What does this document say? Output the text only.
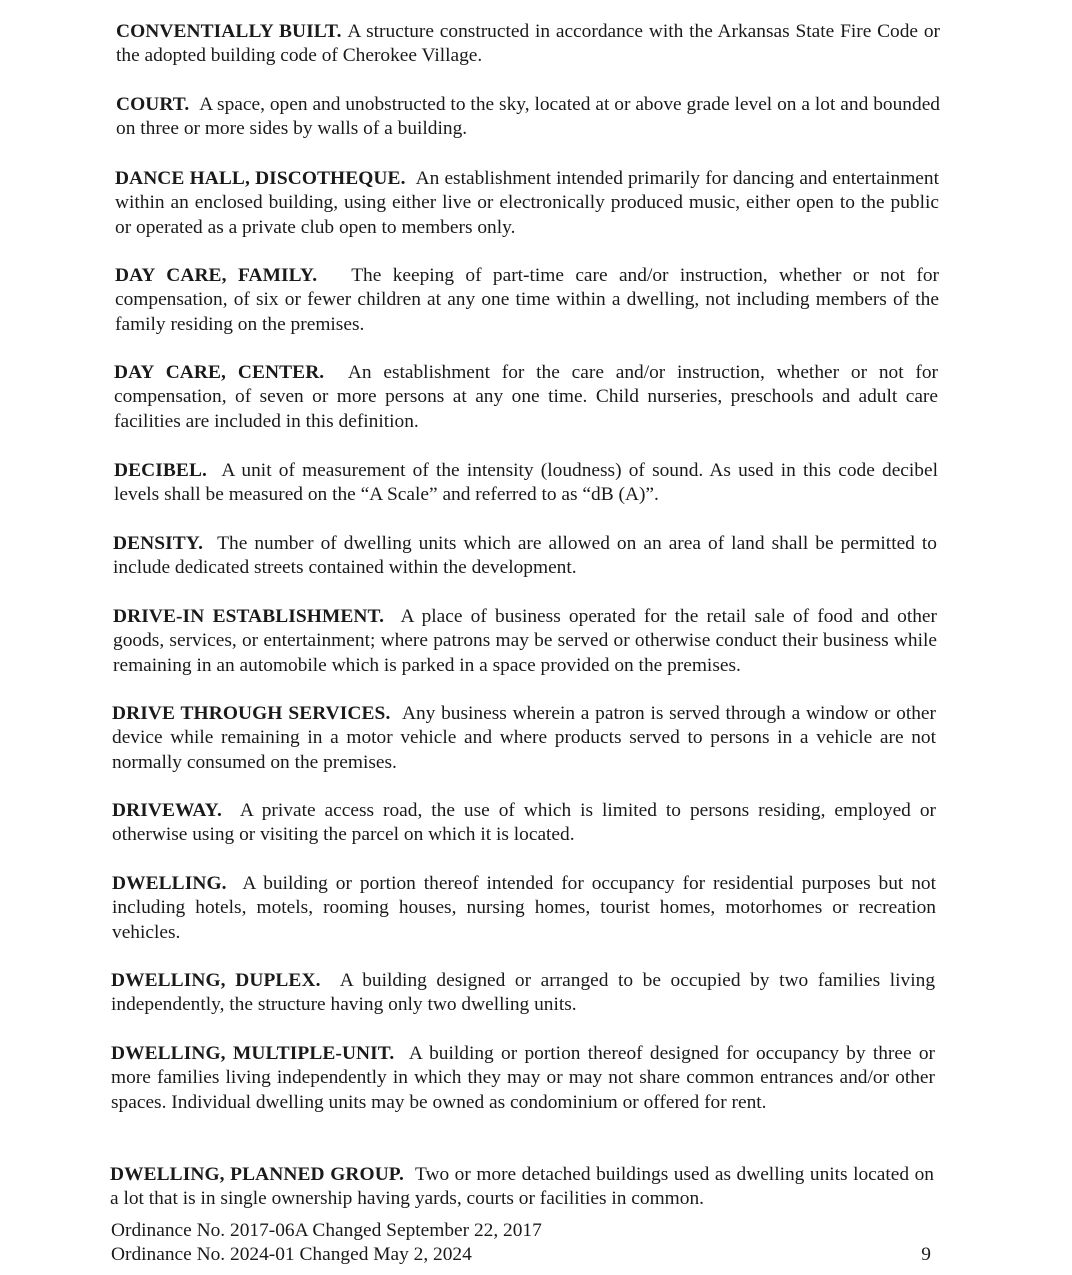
CONVENTIALLY BUILT. A structure constructed in accordance with the Arkansas State Fire Code or the adopted building code of Cherokee Village.

COURT. A space, open and unobstructed to the sky, located at or above grade level on a lot and bounded on three or more sides by walls of a building.

DANCE HALL, DISCOTHEQUE. An establishment intended primarily for dancing and entertainment within an enclosed building, using either live or electronically produced music, either open to the public or operated as a private club open to members only.

DAY CARE, FAMILY. The keeping of part-time care and/or instruction, whether or not for compensation, of six or fewer children at any one time within a dwelling, not including members of the family residing on the premises.

DAY CARE, CENTER. An establishment for the care and/or instruction, whether or not for compensation, of seven or more persons at any one time. Child nurseries, preschools and adult care facilities are included in this definition.

DECIBEL. A unit of measurement of the intensity (loudness) of sound. As used in this code decibel levels shall be measured on the “A Scale” and referred to as “dB (A)”.

DENSITY. The number of dwelling units which are allowed on an area of land shall be permitted to include dedicated streets contained within the development.

DRIVE-IN ESTABLISHMENT. A place of business operated for the retail sale of food and other goods, services, or entertainment; where patrons may be served or otherwise conduct their business while remaining in an automobile which is parked in a space provided on the premises.

DRIVE THROUGH SERVICES. Any business wherein a patron is served through a window or other device while remaining in a motor vehicle and where products served to persons in a vehicle are not normally consumed on the premises.

DRIVEWAY. A private access road, the use of which is limited to persons residing, employed or otherwise using or visiting the parcel on which it is located.

DWELLING. A building or portion thereof intended for occupancy for residential purposes but not including hotels, motels, rooming houses, nursing homes, tourist homes, motorhomes or recreation vehicles.

DWELLING, DUPLEX. A building designed or arranged to be occupied by two families living independently, the structure having only two dwelling units.

DWELLING, MULTIPLE-UNIT. A building or portion thereof designed for occupancy by three or more families living independently in which they may or may not share common entrances and/or other spaces. Individual dwelling units may be owned as condominium or offered for rent.

DWELLING, PLANNED GROUP. Two or more detached buildings used as dwelling units located on a lot that is in single ownership having yards, courts or facilities in common.

Ordinance No. 2017-06A Changed September 22, 2017
Ordinance No. 2024-01 Changed May 2, 2024	9
